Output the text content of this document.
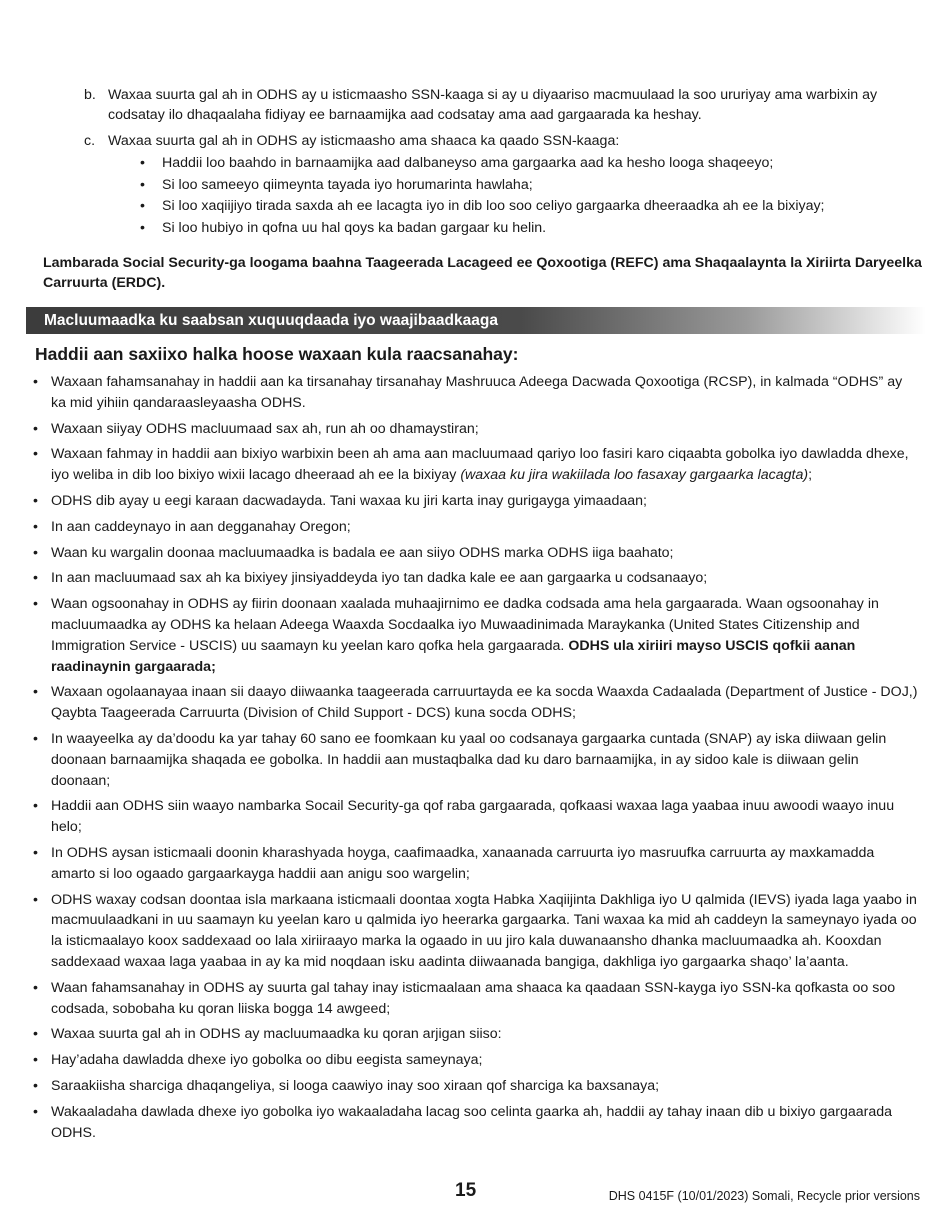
b. Waxaa suurta gal ah in ODHS ay u isticmaasho SSN-kaaga si ay u diyaariso macmuulaad la soo ururiyay ama warbixin ay codsatay ilo dhaqaalaha fidiyay ee barnaamijka aad codsatay ama aad gargaarada ka heshay.
c. Waxaa suurta gal ah in ODHS ay isticmaasho ama shaaca ka qaado SSN-kaaga:
•	Haddii loo baahdo in barnaamijka aad dalbaneyso ama gargaarka aad ka hesho looga shaqeeyo;
•	Si loo sameeyo qiimeynta tayada iyo horumarinta hawlaha;
•	Si loo xaqiijiyo tirada saxda ah ee lacagta iyo in dib loo soo celiyo gargaarka dheeraadka ah ee la bixiyay;
•	Si loo hubiyo in qofna uu hal qoys ka badan gargaar ku helin.
Lambarada Social Security-ga loogama baahna Taageerada Lacageed ee Qoxootiga (REFC) ama Shaqaalaynta la Xiriirta Daryeelka Carruurta (ERDC).
Macluumaadka ku saabsan xuquuqdaada iyo waajibaadkaaga
Haddii aan saxiixo halka hoose waxaan kula raacsanahay:
• Waxaan fahamsanahay in haddii aan ka tirsanahay tirsanahay Mashruuca Adeega Dacwada Qoxootiga (RCSP), in kalmada “ODHS” ay ka mid yihiin qandaraasleyaasha ODHS.
• Waxaan siiyay ODHS macluumaad sax ah, run ah oo dhamaystiran;
• Waxaan fahmay in haddii aan bixiyo warbixin been ah ama aan macluumaad qariyo loo fasiri karo ciqaabta gobolka iyo dawladda dhexe, iyo weliba in dib loo bixiyo wixii lacago dheeraad ah ee la bixiyay (waxaa ku jira wakiilada loo fasaxay gargaarka lacagta);
• ODHS dib ayay u eegi karaan dacwadayda. Tani waxaa ku jiri karta inay gurigayga yimaadaan;
• In aan caddeynayo in aan degganahay Oregon;
• Waan ku wargalin doonaa macluumaadka is badala ee aan siiyo ODHS marka ODHS iiga baahato;
• In aan macluumaad sax ah ka bixiyey jinsiyaddeyda iyo tan dadka kale ee aan gargaarka u codsanaayo;
• Waan ogsoonahay in ODHS ay fiirin doonaan xaalada muhaajirnimo ee dadka codsada ama hela gargaarada. Waan ogsoonahay in macluumaadka ay ODHS ka helaan Adeega Waaxda Socdaalka iyo Muwaadinimada Maraykanka (United States Citizenship and Immigration Service - USCIS) uu saamayn ku yeelan karo qofka hela gargaarada. ODHS ula xiriiri mayso USCIS qofkii aanan raadinaynin gargaarada;
• Waxaan ogolaanayaa inaan sii daayo diiwaanka taageerada carruurtayda ee ka socda Waaxda Cadaalada (Department of Justice - DOJ,) Qaybta Taageerada Carruurta (Division of Child Support - DCS) kuna socda ODHS;
• In waayeelka ay da’doodu ka yar tahay 60 sano ee foomkaan ku yaal oo codsanaya gargaarka cuntada (SNAP) ay iska diiwaan gelin doonaan barnaamijka shaqada ee gobolka. In haddii aan mustaqbalka dad ku daro barnaamijka, in ay sidoo kale is diiwaan gelin doonaan;
• Haddii aan ODHS siin waayo nambarka Socail Security-ga qof raba gargaarada, qofkaasi waxaa laga yaabaa inuu awoodi waayo inuu helo;
• In ODHS aysan isticmaali doonin kharashyada hoyga, caafimaadka, xanaanada carruurta iyo masruufka carruurta ay maxkamadda amarto si loo ogaado gargaarkayga haddii aan anigu soo wargelin;
• ODHS waxay codsan doontaa isla markaana isticmaali doontaa xogta Habka Xaqiijinta Dakhliga iyo U qalmida (IEVS) iyada laga yaabo in macmuulaadkani in uu saamayn ku yeelan karo u qalmida iyo heerarka gargaarka. Tani waxaa ka mid ah caddeyn la sameynayo iyada oo la isticmaalayo koox saddexaad oo lala xiriiraayo marka la ogaado in uu jiro kala duwanaansho dhanka macluumaadka ah. Kooxdan saddexaad waxaa laga yaabaa in ay ka mid noqdaan isku aadinta diiwaanada bangiga, dakhliga iyo gargaarka shaqo’ la’aanta.
• Waan fahamsanahay in ODHS ay suurta gal tahay inay isticmaalaan ama shaaca ka qaadaan SSN-kayga iyo SSN-ka qofkasta oo soo codsada, sobobaha ku qoran liiska bogga 14 awgeed;
• Waxaa suurta gal ah in ODHS ay macluumaadka ku qoran arjigan siiso:
• Hay’adaha dawladda dhexe iyo gobolka oo dibu eegista sameynaya;
• Saraakiisha sharciga dhaqangeliya, si looga caawiyo inay soo xiraan qof sharciga ka baxsanaya;
• Wakaaladaha dawlada dhexe iyo gobolka iyo wakaaladaha lacag soo celinta gaarka ah, haddii ay tahay inaan dib u bixiyo gargaarada ODHS.
15	DHS 0415F (10/01/2023) Somali, Recycle prior versions
